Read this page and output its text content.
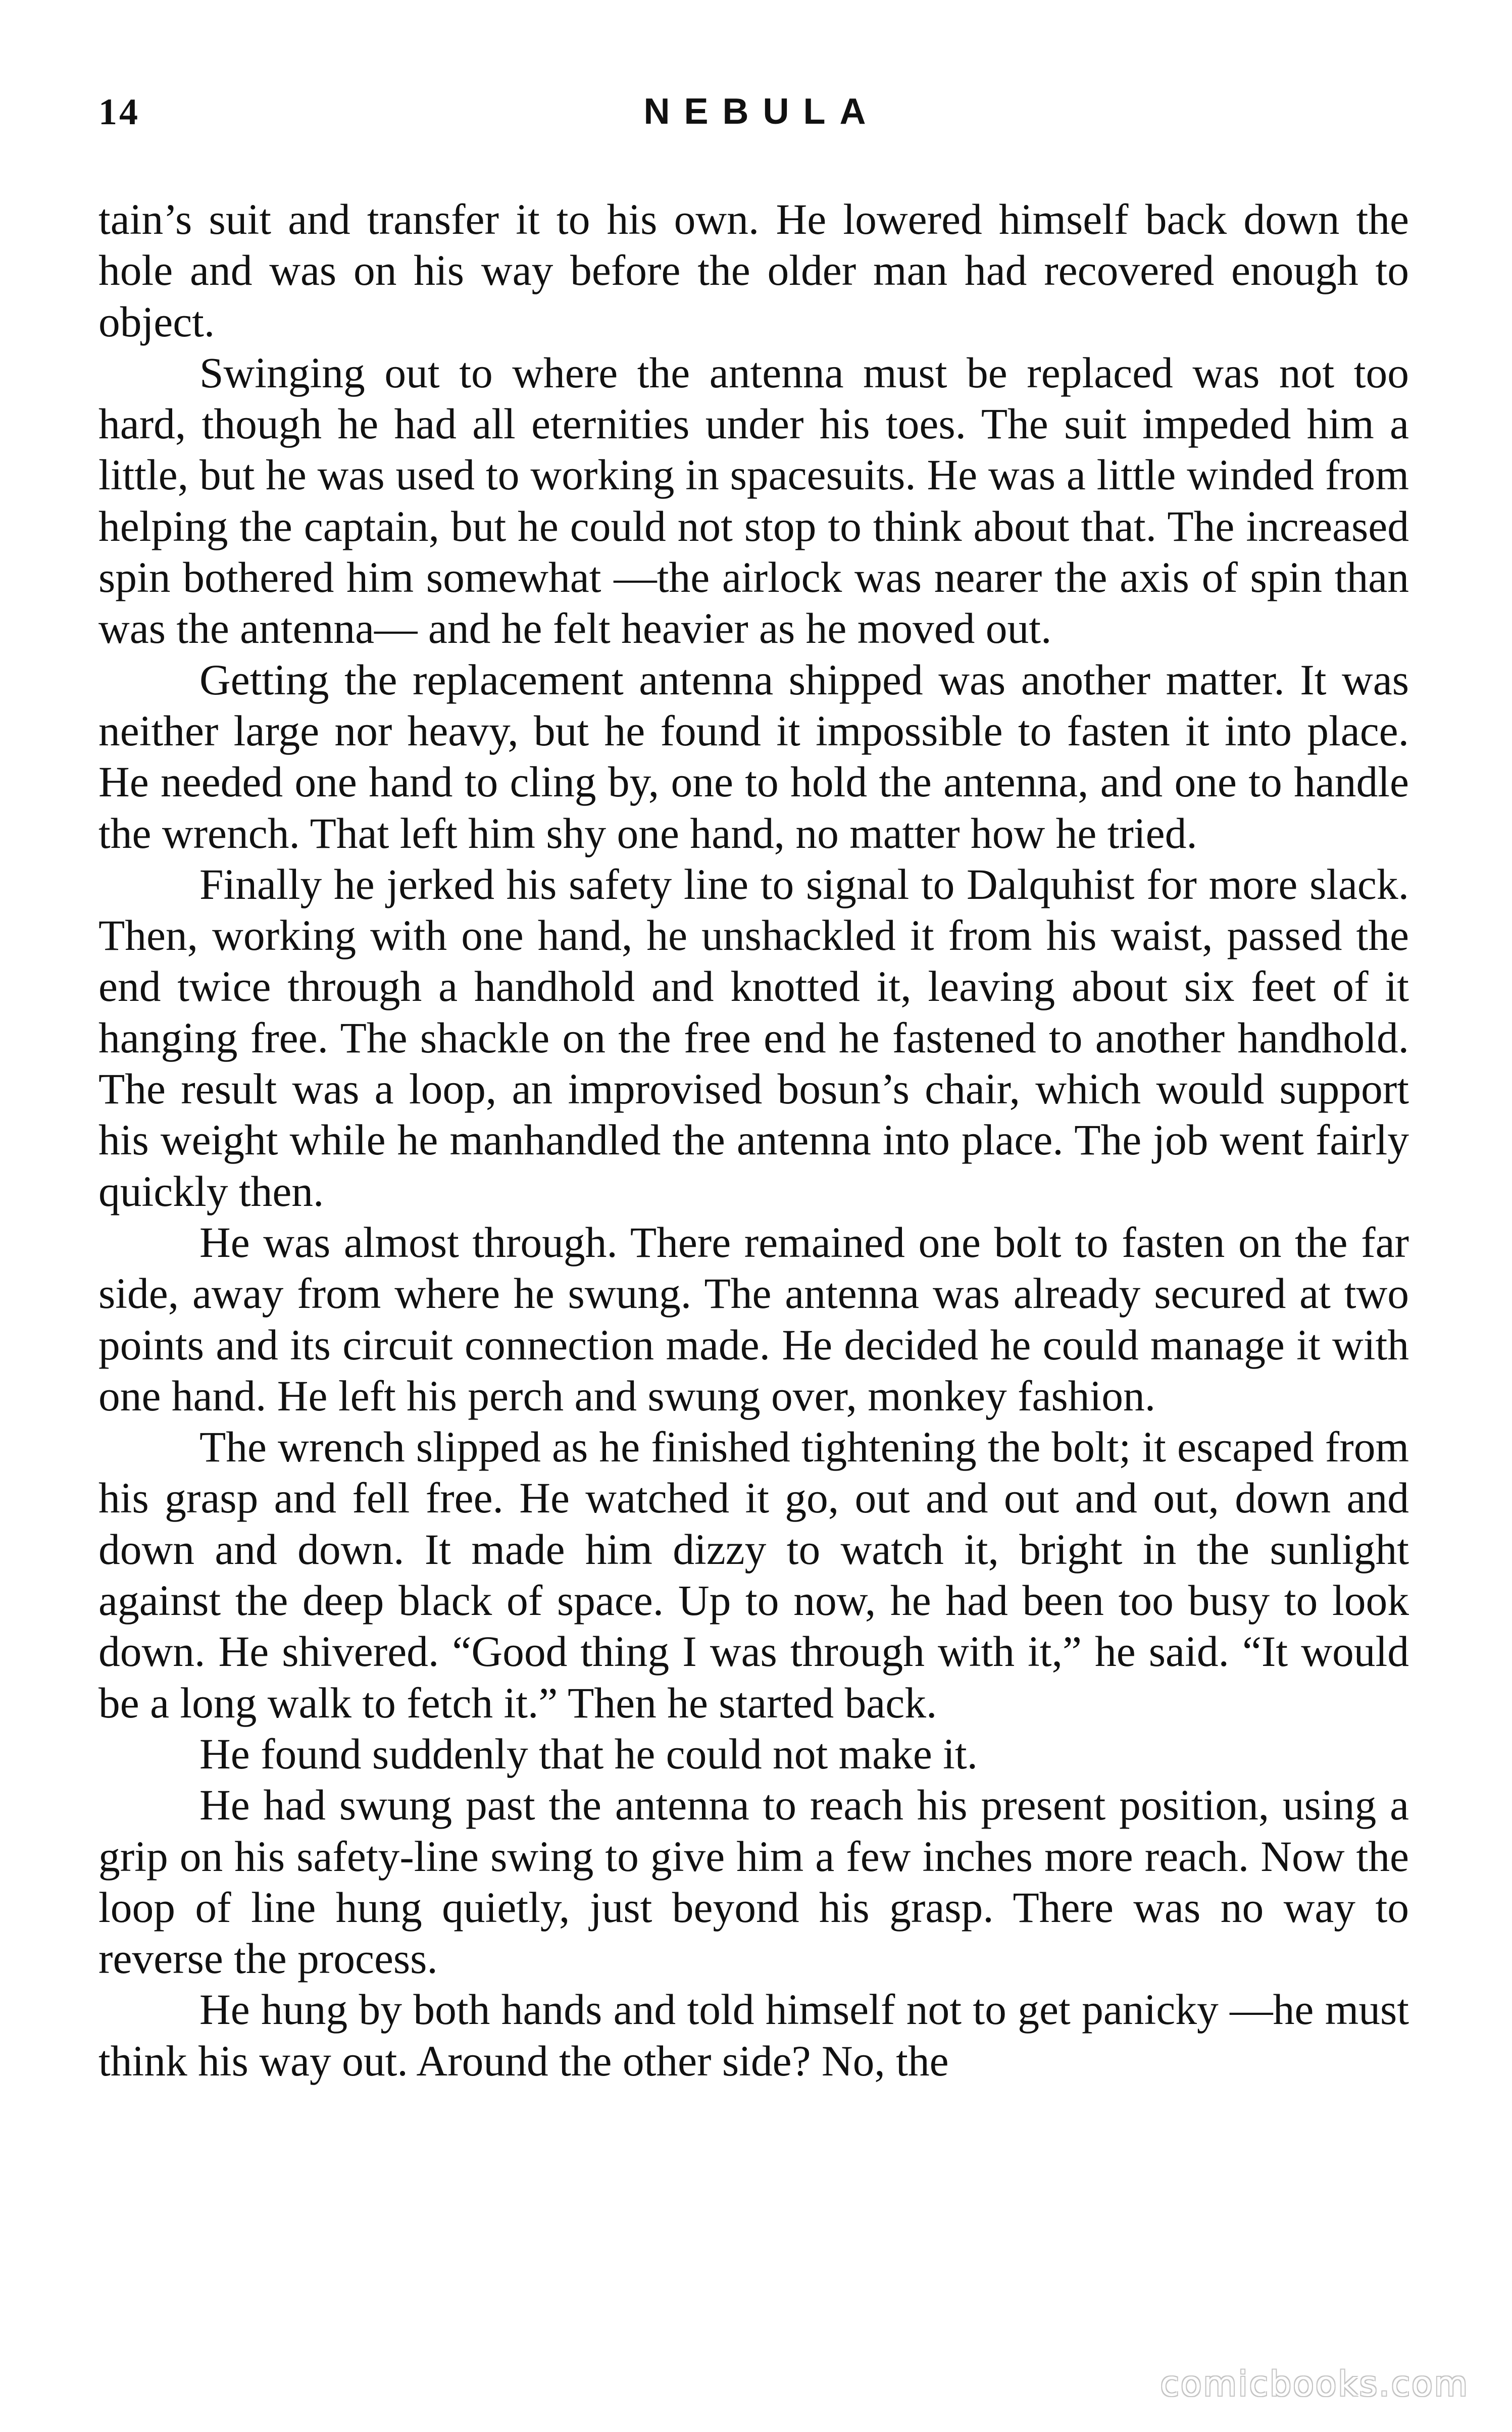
14	NEBULA

tain’s suit and transfer it to his own. He lowered himself back down the hole and was on his way before the older man had recovered enough to object.

Swinging out to where the antenna must be replaced was not too hard, though he had all eternities under his toes. The suit impeded him a little, but he was used to working in spacesuits. He was a little winded from helping the captain, but he could not stop to think about that. The increased spin bothered him somewhat —the airlock was nearer the axis of spin than was the antenna— and he felt heavier as he moved out.

Getting the replacement antenna shipped was another matter. It was neither large nor heavy, but he found it impossible to fasten it into place. He needed one hand to cling by, one to hold the antenna, and one to handle the wrench. That left him shy one hand, no matter how he tried.

Finally he jerked his safety line to signal to Dalquhist for more slack. Then, working with one hand, he unshackled it from his waist, passed the end twice through a handhold and knotted it, leaving about six feet of it hanging free. The shackle on the free end he fastened to another handhold. The result was a loop, an improvised bosun’s chair, which would support his weight while he manhandled the antenna into place. The job went fairly quickly then.

He was almost through. There remained one bolt to fasten on the far side, away from where he swung. The antenna was already secured at two points and its circuit connection made. He decided he could manage it with one hand. He left his perch and swung over, monkey fashion.

The wrench slipped as he finished tightening the bolt; it escaped from his grasp and fell free. He watched it go, out and out and out, down and down and down. It made him dizzy to watch it, bright in the sunlight against the deep black of space. Up to now, he had been too busy to look down. He shivered. “Good thing I was through with it,” he said. “It would be a long walk to fetch it.” Then he started back.

He found suddenly that he could not make it.

He had swung past the antenna to reach his present position, using a grip on his safety-line swing to give him a few inches more reach. Now the loop of line hung quietly, just beyond his grasp. There was no way to reverse the process.

He hung by both hands and told himself not to get panicky —he must think his way out. Around the other side? No, the

comicbooks.com
